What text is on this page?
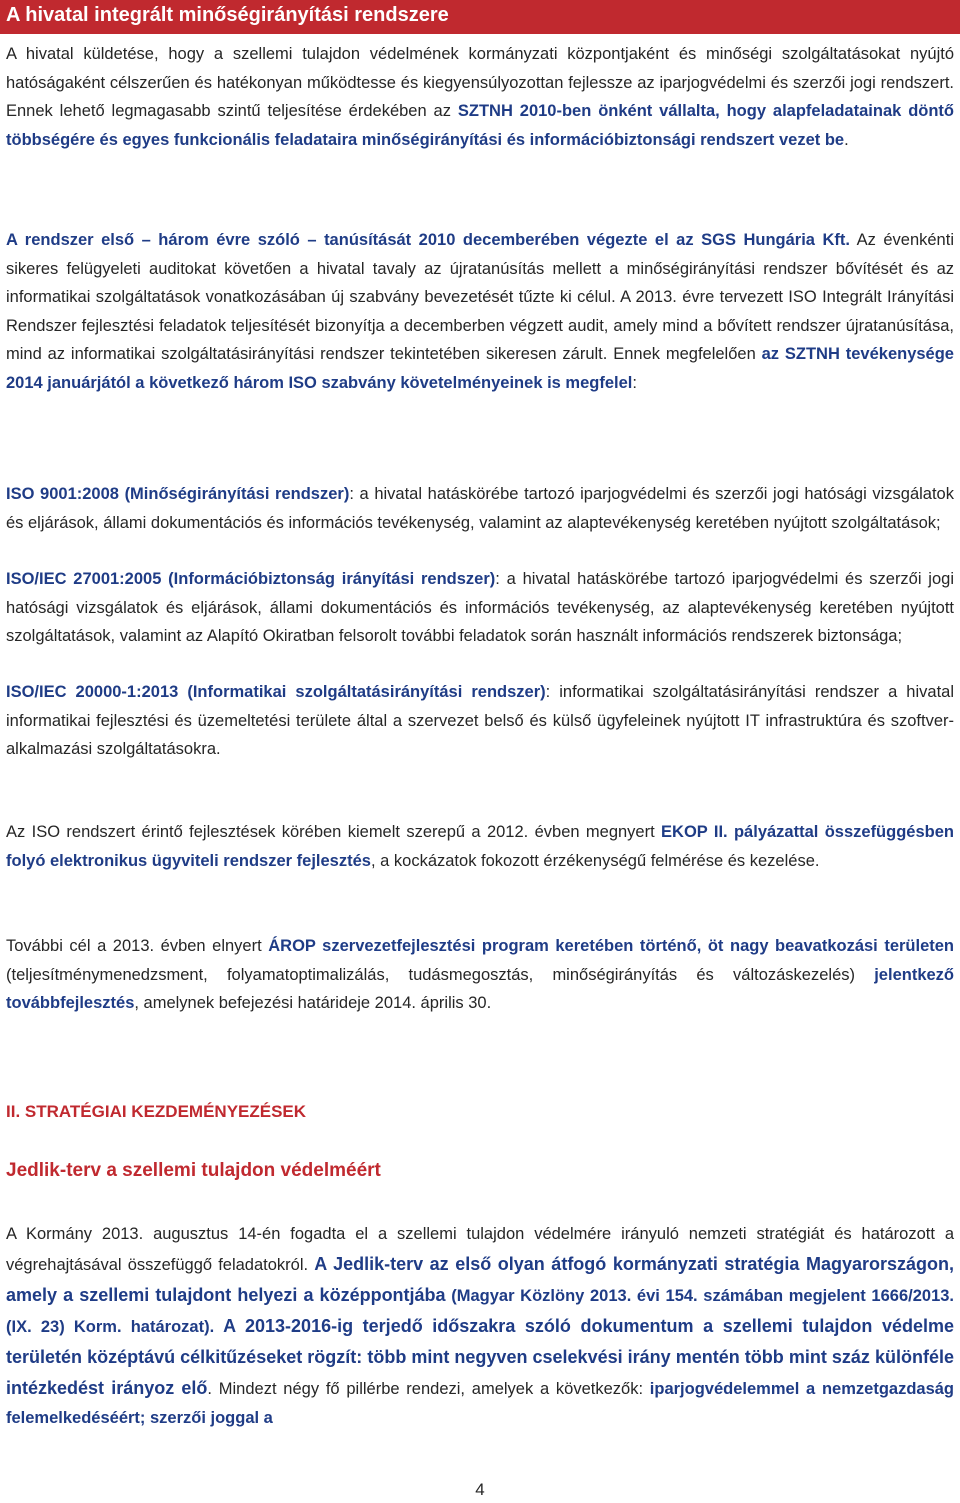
A hivatal integrált minőségirányítási rendszere

A hivatal küldetése, hogy a szellemi tulajdon védelmének kormányzati központjaként és minőségi szolgáltatásokat nyújtó hatóságaként célszerűen és hatékonyan működtesse és kiegyensúlyozottan fejlessze az iparjogvédelmi és szerzői jogi rendszert. Ennek lehető legmagasabb szintű teljesítése érdekében az SZTNH 2010-ben önként vállalta, hogy alapfeladatainak döntő többségére és egyes funkcionális feladataira minőségirányítási és információbiztonsági rendszert vezet be.

A rendszer első – három évre szóló – tanúsítását 2010 decemberében végezte el az SGS Hungária Kft. Az évenkénti sikeres felügyeleti auditokat követően a hivatal tavaly az újratanúsítás mellett a minőségirányítási rendszer bővítését és az informatikai szolgáltatások vonatkozásában új szabvány bevezetését tűzte ki célul. A 2013. évre tervezett ISO Integrált Irányítási Rendszer fejlesztési feladatok teljesítését bizonyítja a decemberben végzett audit, amely mind a bővített rendszer újratanúsítása, mind az informatikai szolgáltatásirányítási rendszer tekintetében sikeresen zárult. Ennek megfelelően az SZTNH tevékenysége 2014 januárjától a következő három ISO szabvány követelményeinek is megfelel:

ISO 9001:2008 (Minőségirányítási rendszer): a hivatal hatáskörébe tartozó iparjogvédelmi és szerzői jogi hatósági vizsgálatok és eljárások, állami dokumentációs és információs tevékenység, valamint az alaptevékenység keretében nyújtott szolgáltatások;

ISO/IEC 27001:2005 (Információbiztonság irányítási rendszer): a hivatal hatáskörébe tartozó iparjogvédelmi és szerzői jogi hatósági vizsgálatok és eljárások, állami dokumentációs és információs tevékenység, az alaptevékenység keretében nyújtott szolgáltatások, valamint az Alapító Okiratban felsorolt további feladatok során használt információs rendszerek biztonsága;

ISO/IEC 20000-1:2013 (Informatikai szolgáltatásirányítási rendszer): informatikai szolgáltatásirányítási rendszer a hivatal informatikai fejlesztési és üzemeltetési területe által a szervezet belső és külső ügyfeleinek nyújtott IT infrastruktúra és szoftver-alkalmazási szolgáltatásokra.

Az ISO rendszert érintő fejlesztések körében kiemelt szerepű a 2012. évben megnyert EKOP II. pályázattal összefüggésben folyó elektronikus ügyviteli rendszer fejlesztés, a kockázatok fokozott érzékenységű felmérése és kezelése.

További cél a 2013. évben elnyert ÁROP szervezetfejlesztési program keretében történő, öt nagy beavatkozási területen (teljesítménymenedzsment, folyamatoptimalizálás, tudásmegosztás, minőségirányítás és változáskezelés) jelentkező továbbfejlesztés, amelynek befejezési határideje 2014. április 30.

II. STRATÉGIAI KEZDEMÉNYEZÉSEK
Jedlik-terv a szellemi tulajdon védelméért

A Kormány 2013. augusztus 14-én fogadta el a szellemi tulajdon védelmére irányuló nemzeti stratégiát és határozott a végrehajtásával összefüggő feladatokról. A Jedlik-terv az első olyan átfogó kormányzati stratégia Magyarországon, amely a szellemi tulajdont helyezi a középpontjába (Magyar Közlöny 2013. évi 154. számában megjelent 1666/2013. (IX. 23) Korm. határozat). A 2013-2016-ig terjedő időszakra szóló dokumentum a szellemi tulajdon védelme területén középtávú célkitűzéseket rögzít: több mint negyven cselekvési irány mentén több mint száz különféle intézkedést irányoz elő. Mindezt négy fő pillérbe rendezi, amelyek a következők: iparjogvédelemmel a nemzetgazdaság felemelkedéséért; szerzői joggal a

4
